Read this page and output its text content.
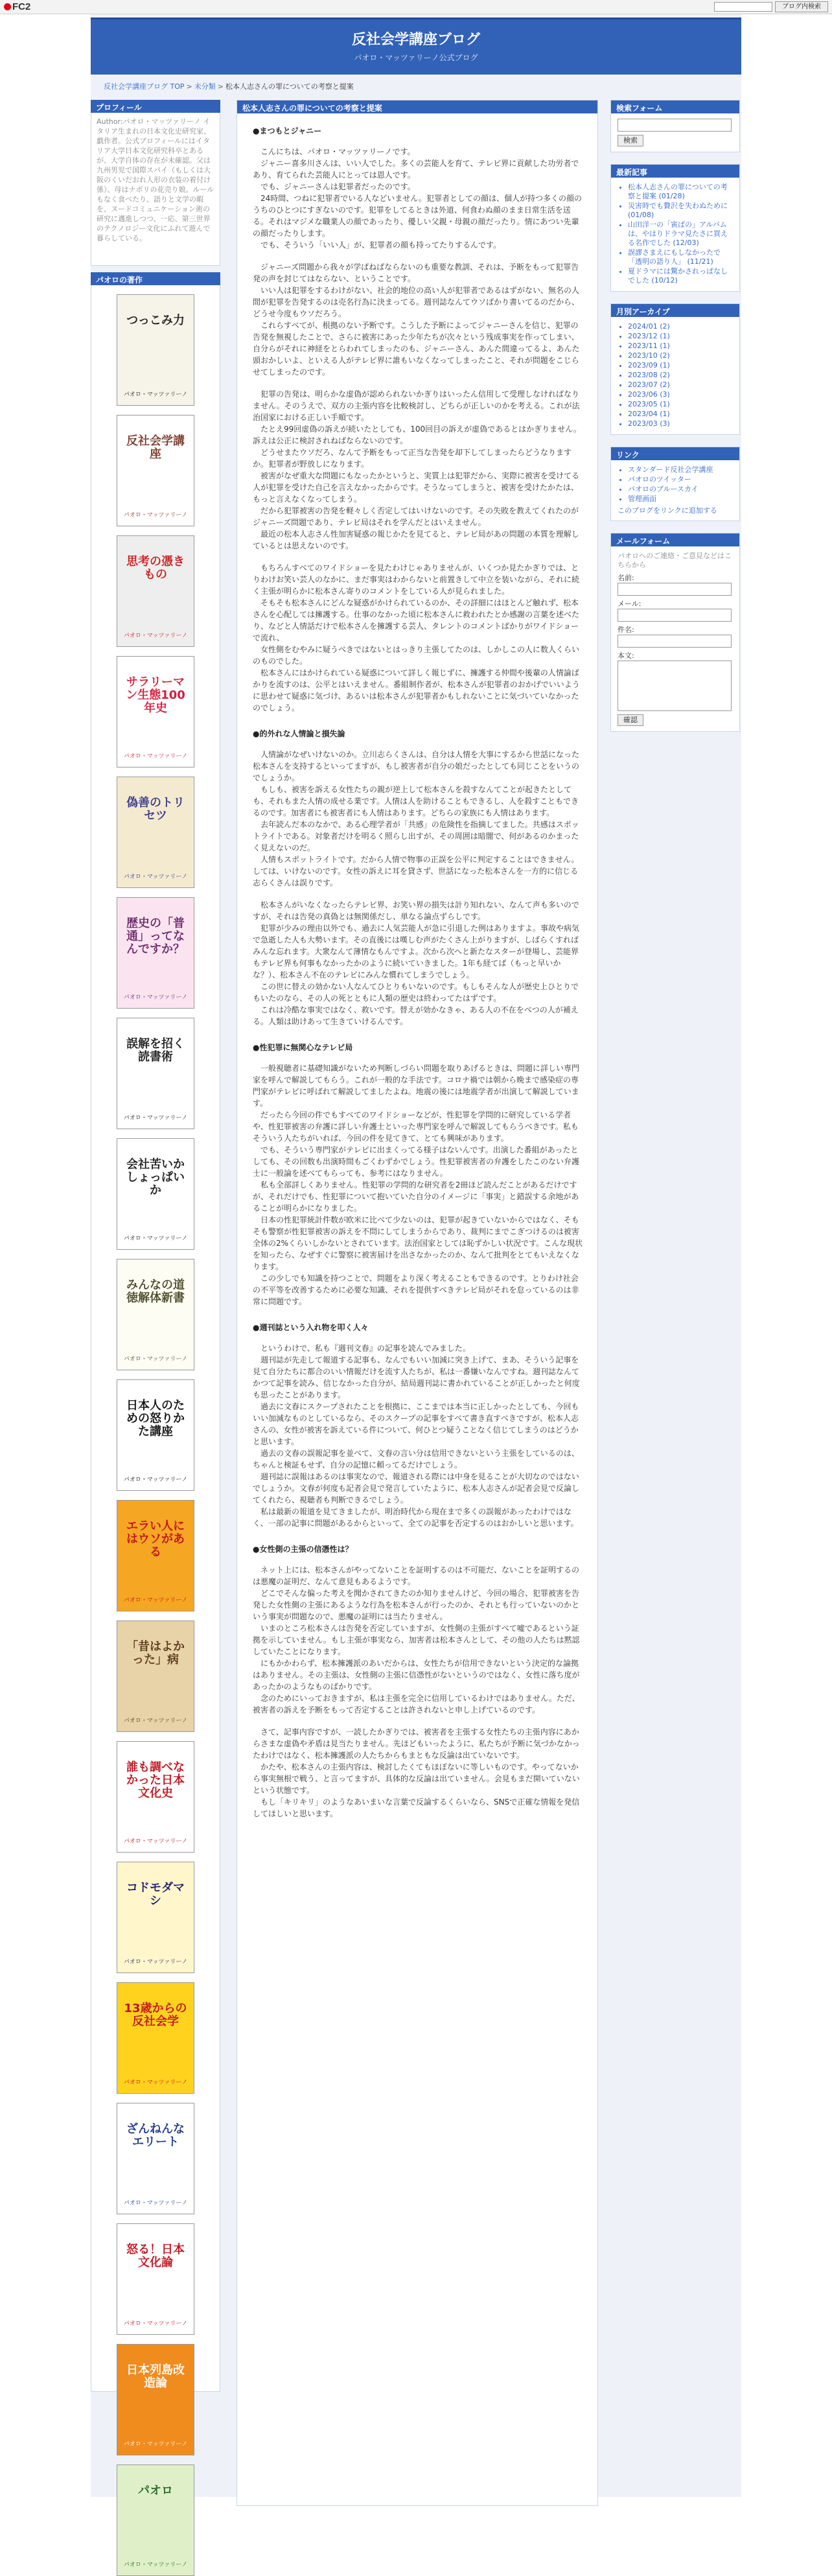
FC2	ブログ内検索
反社会学講座ブログ
パオロ・マッツァリーノ公式ブログ
反社会学講座ブログ TOP > 未分類 > 松本人志さんの罪についての考察と提案
プロフィール
Author:パオロ・マッツァリーノ イタリア生まれの日本文化史研究家、戯作者。公式プロフィールにはイタリア大学日本文化研究科卒とあるが、大学自体の存在が未確認。父は九州男児で国際スパイ（もしくは大阪のくいだおれ人形の衣装の着付け係）、母はナポリの花売り娘。ルールもなく食べたり、語りと文学の暇を、ヌードコミュニケーション術の研究に邁進しつつ、一応、第三世界のテクノロジー文化にふれて遊んで暮らしている。
パオロの著作
つっこみ力
パオロ・マッツァリーノ
反社会学講座
パオロ・マッツァリーノ
思考の憑きもの
パオロ・マッツァリーノ
サラリーマン生態100年史
パオロ・マッツァリーノ
偽善のトリセツ
パオロ・マッツァリーノ
歴史の「普通」ってなんですか？
パオロ・マッツァリーノ
誤解を招く読書術
パオロ・マッツァリーノ
会社苦いかしょっぱいか
パオロ・マッツァリーノ
みんなの道徳解体新書
パオロ・マッツァリーノ
日本人のための怒りかた講座
パオロ・マッツァリーノ
エラい人にはウソがある
パオロ・マッツァリーノ
「昔はよかった」病
パオロ・マッツァリーノ
誰も調べなかった日本文化史
パオロ・マッツァリーノ
コドモダマシ
パオロ・マッツァリーノ
13歳からの反社会学
パオロ・マッツァリーノ
ざんねんなエリート
パオロ・マッツァリーノ
怒る！日本文化論
パオロ・マッツァリーノ
日本列島改造論
パオロ・マッツァリーノ
パオロ
パオロ・マッツァリーノ
松本人志さんの罪についての考察と提案
●まつもとジャニー

　こんにちは、パオロ・マッツァリーノです。
　ジャニー喜多川さんは、いい人でした。多くの芸能人を育て、テレビ界に貢献した功労者であり、育てられた芸能人にとっては恩人です。
　でも、ジャニーさんは犯罪者だったのです。
　24時間、つねに犯罪者でいる人などいません。犯罪者としての顔は、個人が持つ多くの顔のうちのひとつにすぎないのです。犯罪をしてるときは外道、何食わぬ顔のまま日常生活を送る。それはマジメな職業人の顔であったり、優しい父親・母親の顔だったり。情にあつい先輩の顔だったりします。
　でも、そういう「いい人」が、犯罪者の顔も持ってたりするんです。

　ジャニーズ問題から我々が学ばねばならないのも重要な教訓、それは、予断をもって犯罪告発の声を封じてはならない、ということです。
　いい人は犯罪をするわけがない、社会的地位の高い人が犯罪者であるはずがない、無名の人間が犯罪を告発するのは売名行為に決まってる。週刊誌なんてウソばかり書いてるのだから、どうせ今度もウソだろう。
　これらすべてが、根拠のない予断です。こうした予断によってジャニーさんを信じ、犯罪の告発を無視したことで、さらに被害にあった少年たちが次々という残成事実を作ってしまい、自分らがそれに神経をとらわれてしまったのも、ジャニーさん、あんた間違ってるよ、あんた頭おかしいよ、といえる人がテレビ界に誰もいなくなってしまったこと、それが問題をこじらせてしまったのです。

　犯罪の告発は、明らかな虚偽が認められないかぎりはいったん信用して受理しなければなりません。そのうえで、双方の主張内容を比較検討し、どちらが正しいのかを考える。これが法治国家における正しい手順です。
　たとえ99回虚偽の訴えが続いたとしても、100回目の訴えが虚偽であるとはかぎりません。訴えは公正に検討されねばならないのです。
　どうせまたウソだろ、なんて予断をもって正当な告発を却下してしまったらどうなりますか。犯罪者が野放しになります。
　被害がなぜ重大な問題にもなったかというと、実質上は犯罪だから、実際に被害を受けてる人が犯罪を受けた自己を言えなかったからです。そうなってしまうと、被害を受けたかたは、もっと言えなくなってしまう。
　だから犯罪被害の告発を軽々しく否定してはいけないのです。その失敗を教えてくれたのがジャニーズ問題であり、テレビ局はそれを学んだとはいえません。
　最近の松本人志さん性加害疑惑の報じかたを見てると、テレビ局があの問題の本質を理解しているとは思えないのです。

　もちろんすべてのワイドショーを見たわけじゃありませんが、いくつか見たかぎりでは、とりわけお笑い芸人のなかに、まだ事実はわからないと前置きして中立を装いながら、それに続く主張が明らかに松本さん寄りのコメントをしている人が見られました。
　そもそも松本さんにどんな疑惑がかけられているのか、その詳細にはほとんど触れず、松本さんを心配しては擁護する。仕事のなかった頃に松本さんに救われたとか感謝の言葉を述べたり、などと人情話だけで松本さんを擁護する芸人、タレントのコメントばかりがワイドショーで流れ、
　女性側をむやみに疑うべきではないとはっきり主張してたのは、しかしこの人に数人くらいのものでした。
　松本さんにはかけられている疑惑について詳しく報じずに、擁護する仲間や後輩の人情論ばかりを流すのは、公平とはいえません。番組制作者が、松本さんが犯罪者のおかげでいいように思わせて疑惑に気づけ、あるいは松本さんが犯罪者かもしれないことに気づいていなかったのでしょう。

●的外れな人情論と損失論

　人情論がなぜいけないのか。立川志らくさんは、自分は人情を大事にするから世話になった松本さんを支持するといってますが、もし被害者が自分の娘だったとしても同じことをいうのでしょうか。
　もしも、被害を訴える女性たちの親が逆上して松本さんを殺すなんてことが起きたとしても、それもまた人情の成せる業です。人情は人を助けることもできるし、人を殺すこともできるのです。加害者にも被害者にも人情はあります。どちらの家族にも人情はあります。
　去年読んだ本のなかで、ある心理学者が「共感」の危険性を指摘してました。共感はスポットライトである。対象者だけを明るく照らし出すが、その周囲は暗闇で、何があるのかまったく見えないのだ。
　人情もスポットライトです。だから人情で物事の正誤を公平に判定することはできません。しては、いけないのです。女性の訴えに耳を貸さず、世話になった松本さんを一方的に信じる志らくさんは誤りです。

　松本さんがいなくなったらテレビ界、お笑い界の損失は計り知れない、なんて声も多いのですが、それは告発の真偽とは無関係だし、単なる論点ずらしです。
　犯罪が少みの理由以外でも、過去に人気芸能人が急に引退した例はありますよ。事故や病気で急逝した人も大勢います。その直後には嘆しむ声がたくさん上がりますが、しばらくすればみんな忘れます。大衆なんて薄情なもんですよ。次から次へと新たなスターが登場し、芸能界もテレビ界も何事もなかったかのように続いていきました。1年も経てば（もっと早いかな？）、松本さん不在のテレビにみんな慣れてしまうでしょう。
　この世に替えの効かない人なんてひとりもいないのです。もしもそんな人が歴史上ひとりでもいたのなら、その人の死とともに人類の歴史は終わってたはずです。
　これは冷酷な事実ではなく、救いです。替えが効かなきゃ、ある人の不在をべつの人が補える。人類は助けあって生きていけるんです。

●性犯罪に無関心なテレビ局

　一般視聴者に基礎知識がないため判断しづらい問題を取りあげるときは、問題に詳しい専門家を呼んで解説してもらう。これが一般的な手法です。コロナ禍では朝から晩まで感染症の専門家がテレビに呼ばれて解説してましたよね。地震の後には地震学者が出演して解説しています。
　だったら今回の件でもすべてのワイドショーなどが、性犯罪を学問的に研究している学者や、性犯罪被害の弁護に詳しい弁護士といった専門家を呼んで解説してもらうべきです。私もそういう人たちがいれば、今回の件を見てきて、とても興味があります。
　でも、そういう専門家がテレビに出まくってる様子はないんです。出演した番組があったとしても、その回数も出演時間もごくわずかでしょう。性犯罪被害者の弁護をしたこのない弁護士に一般論を述べてもらっても、参考にはなりません。
　私も全部詳しくありません。性犯罪の学問的な研究者を2冊ほど読んだことがあるだけですが、それだけでも、性犯罪について抱いていた自分のイメージに「事実」と錯誤する余地があることが明らかになりました。
　日本の性犯罪統計件数が欧米に比べて少ないのは、犯罪が起きていないからではなく、そもそも警察が性犯罪被害の訴えを不問にしてしまうからであり、裁判にまでこぎつけるのは被害全体の2%くらいしかないとされています。法治国家としては恥ずかしい状況です。こんな現状を知ったら、なぜすぐに警察に被害届けを出さなかったのか、なんて批判をとてもいえなくなります。
　この少しでも知識を持つことで、問題をより深く考えることもできるのです。とりわけ社会の不平等を改善するために必要な知識、それを提供すべきテレビ局がそれを怠っているのは非常に問題です。

●週刊誌という入れ物を叩く人々

　というわけで、私も『週刊文春』の記事を読んでみました。
　週刊誌が先走して報道する記事も、なんでもいい加減に突き上げて、まあ、そういう記事を見て自分たちに都合のいい情報だけを流す人たちが、私は一番嫌いなんですね。週刊誌なんてかつて記事を読み、信じなかった自分が、結局週刊誌に書かれていることが正しかったと何度も思ったことがあります。
　過去に文春にスクープされたことを根拠に、ここまでは本当に正しかったとしても、今回もいい加減なものとしているなら、そのスクープの記事をすべて書き直すべきですが、松本人志さんの、女性が被害を訴えている件について、何ひとつ疑うことなく信じてしまうのはどうかと思います。
　過去の文春の誤報記事を並べて、文春の言い分は信用できないという主張をしているのは、ちゃんと検証もせず、自分の記憶に頼ってるだけでしょう。
　週刊誌に誤報はあるのは事実なので、報道される際には中身を見ることが大切なのではないでしょうか。文春が何度も記者会見で発言していたように、松本人志さんが記者会見で反論してくれたら、視聴者も判断できるでしょう。
　私は最新の報道を見てきましたが、明治時代から現在まで多くの誤報があったわけではなく、一部の記事に問題があるからといって、全ての記事を否定するのはおかしいと思います。

●女性側の主張の信憑性は？

　ネット上には、松本さんがやってないことを証明するのは不可能だ、ないことを証明するのは悪魔の証明だ、なんて意見もあるようです。
　どこでそんな偏った考えを聞かされてきたのか知りませんけど、今回の場合、犯罪被害を告発した女性側の主張にあるような行為を松本さんが行ったのか、それとも行っていないのかという事実が問題なので、悪魔の証明には当たりません。
　いまのところ松本さんは告発を否定していますが、女性側の主張がすべて嘘であるという証拠を示していません。もし主張が事実なら、加害者は松本さんとして、その他の人たちは黙認していたことになります。
　にもかかわらず、松本擁護派のあいだからは、女性たちが信用できないという決定的な論拠はありません。その主張は、女性側の主張に信憑性がないというのではなく、女性に落ち度があったかのようなものばかりです。
　念のためにいっておきますが、私は主張を完全に信用しているわけではありません。ただ、被害者の訴えを予断をもって否定することは許されないと申し上げているのです。

　さて、記事内容ですが、一読したかぎりでは、被害者を主張する女性たちの主張内容にあからさまな虚偽や矛盾は見当たりません。先ほどもいったように、私たちが予断に気づかなかったわけではなく、松本擁護派の人たちからもまともな反論は出ていないです。
　かたや、松本さんの主張内容は、検討したくてもほぼないに等しいものです。やってないから事実無根で戦う、と言ってますが、具体的な反論は出ていません。会見もまだ開いていないという状態です。
　もし「キリキリ」のようなあいまいな言葉で反論するくらいなら、SNSで正確な情報を発信してほしいと思います。

検索フォーム
検索
最新記事
• 松本人志さんの罪についての考察と提案 (01/28)
• 災害時でも贅沢を失わぬために (01/08)
• 山田洋一の「寅ばの」アルバム は、やはりドラマ見たさに買える名作でした (12/03)
• 誤謬さまえにもしなかったで「透明の語り人」 (11/21)
• 夏ドラマには驚かされっぱなしでした (10/12)
月別アーカイブ
• 2024/01 (2)
• 2023/12 (1)
• 2023/11 (1)
• 2023/10 (2)
• 2023/09 (1)
• 2023/08 (2)
• 2023/07 (2)
• 2023/06 (3)
• 2023/05 (1)
• 2023/04 (1)
• 2023/03 (3)
リンク
• スタンダード反社会学講座
• パオロのツイッター
• パオロのブルースカイ
• 管理画面
このブログをリンクに追加する
メールフォーム
パオロへのご連絡・ご意見などはこちらから
名前:
メール:
件名:
本文:
確認
